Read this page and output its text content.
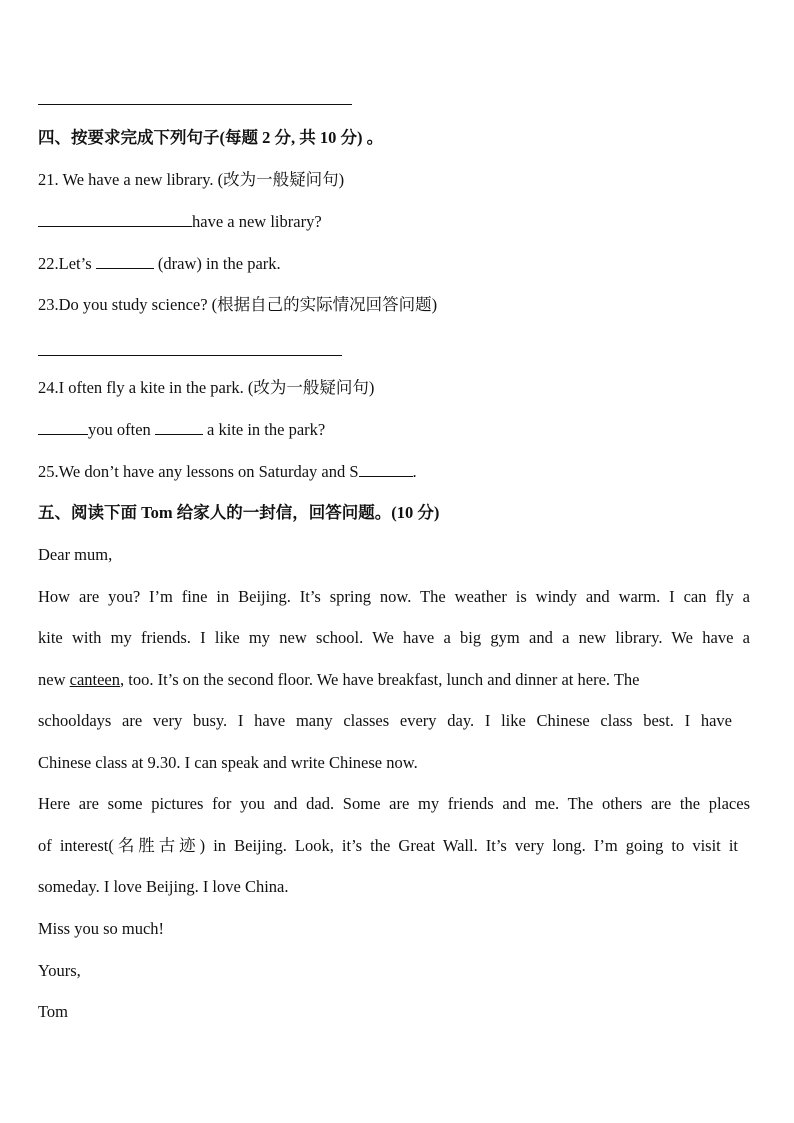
四、按要求完成下列句子(每题 2 分, 共 10 分) 。
21. We have a new library. (改为一般疑问句)
have a new library?
22.Let’s	(draw) in the park.
23.Do you study science? (根据自己的实际情况回答问题)
24.I often fly a kite in the park. (改为一般疑问句)
you often	a kite in the park?
25.We don’t have any lessons on Saturday and S	.
五、阅读下面 Tom 给家人的一封信，回答问题。(10 分)
Dear mum,
How are you? I’m fine in Beijing. It’s spring now. The weather is windy and warm. I can fly a
kite with my friends. I like my new school. We have a big gym and a new library. We have a
new canteen, too. It’s on the second floor. We have breakfast, lunch and dinner at here. The
schooldays are very busy. I have many classes every day. I like Chinese class best. I have
Chinese class at 9.30. I can speak and write Chinese now.
Here are some pictures for you and dad. Some are my friends and me. The others are the places
of interest(名胜古迹) in Beijing. Look, it’s the Great Wall. It’s very long. I’m going to visit it
someday. I love Beijing. I love China.
Miss you so much!
Yours,
Tom
